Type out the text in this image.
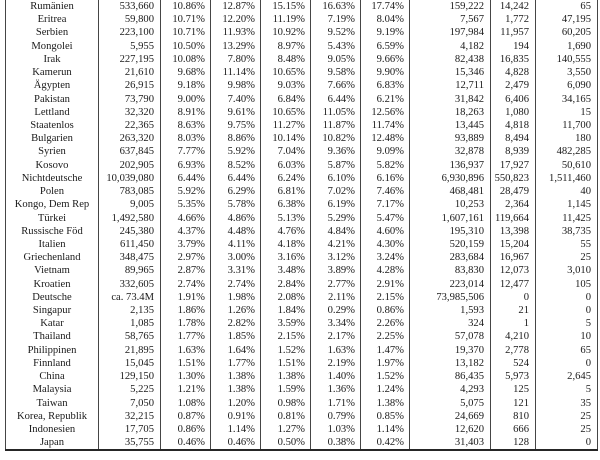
Rumänien	533,660	10.86%	12.87%	15.15%	16.63%	17.74%	159,222	14,242	65
Eritrea	59,800	10.71%	12.20%	11.19%	7.19%	8.04%	7,567	1,772	47,195
Serbien	223,100	10.71%	11.93%	10.92%	9.52%	9.19%	197,984	11,957	60,205
Mongolei	5,955	10.50%	13.29%	8.97%	5.43%	6.59%	4,182	194	1,690
Irak	227,195	10.08%	7.80%	8.48%	9.05%	9.66%	82,438	16,835	140,555
Kamerun	21,610	9.68%	11.14%	10.65%	9.58%	9.90%	15,346	4,828	3,550
Ägypten	26,915	9.18%	9.98%	9.03%	7.66%	6.83%	12,711	2,479	6,090
Pakistan	73,790	9.00%	7.40%	6.84%	6.44%	6.21%	31,842	6,406	34,165
Lettland	32,320	8.91%	9.61%	10.65%	11.05%	12.56%	18,263	1,080	15
Staatenlos	22,365	8.63%	9.75%	11.27%	11.87%	11.74%	13,445	4,818	11,700
Bulgarien	263,320	8.03%	8.86%	10.14%	10.82%	12.48%	93,889	8,494	180
Syrien	637,845	7.77%	5.92%	7.04%	9.36%	9.09%	32,878	8,939	482,285
Kosovo	202,905	6.93%	8.52%	6.03%	5.87%	5.82%	136,937	17,927	50,610
Nichtdeutsche	10,039,080	6.44%	6.44%	6.24%	6.10%	6.16%	6,930,896	550,823	1,511,460
Polen	783,085	5.92%	6.29%	6.81%	7.02%	7.46%	468,481	28,479	40
Kongo, Dem Rep	9,005	5.35%	5.78%	6.38%	6.19%	7.17%	10,253	2,364	1,145
Türkei	1,492,580	4.66%	4.86%	5.13%	5.29%	5.47%	1,607,161	119,664	11,425
Russische Föd	245,380	4.37%	4.48%	4.76%	4.84%	4.60%	195,310	13,398	38,735
Italien	611,450	3.79%	4.11%	4.18%	4.21%	4.30%	520,159	15,204	55
Griechenland	348,475	2.97%	3.00%	3.16%	3.12%	3.24%	283,684	16,967	25
Vietnam	89,965	2.87%	3.31%	3.48%	3.89%	4.28%	83,830	12,073	3,010
Kroatien	332,605	2.74%	2.74%	2.84%	2.77%	2.91%	223,014	12,477	105
Deutsche	ca. 73.4M	1.91%	1.98%	2.08%	2.11%	2.15%	73,985,506	0	0
Singapur	2,135	1.86%	1.26%	1.84%	0.29%	0.86%	1,593	21	0
Katar	1,085	1.78%	2.82%	3.59%	3.34%	2.26%	324	1	5
Thailand	58,765	1.77%	1.85%	2.15%	2.17%	2.25%	57,078	4,210	10
Philippinen	21,895	1.63%	1.64%	1.52%	1.63%	1.47%	19,370	2,778	65
Finnland	15,045	1.51%	1.77%	1.51%	2.19%	1.97%	13,182	524	0
China	129,150	1.30%	1.38%	1.38%	1.40%	1.52%	86,435	5,973	2,645
Malaysia	5,225	1.21%	1.38%	1.59%	1.36%	1.24%	4,293	125	5
Taiwan	7,050	1.08%	1.20%	0.98%	1.71%	1.38%	5,075	121	35
Korea, Republik	32,215	0.87%	0.91%	0.81%	0.79%	0.85%	24,669	810	25
Indonesien	17,705	0.86%	1.14%	1.27%	1.03%	1.14%	12,620	666	25
Japan	35,755	0.46%	0.46%	0.50%	0.38%	0.42%	31,403	128	0
